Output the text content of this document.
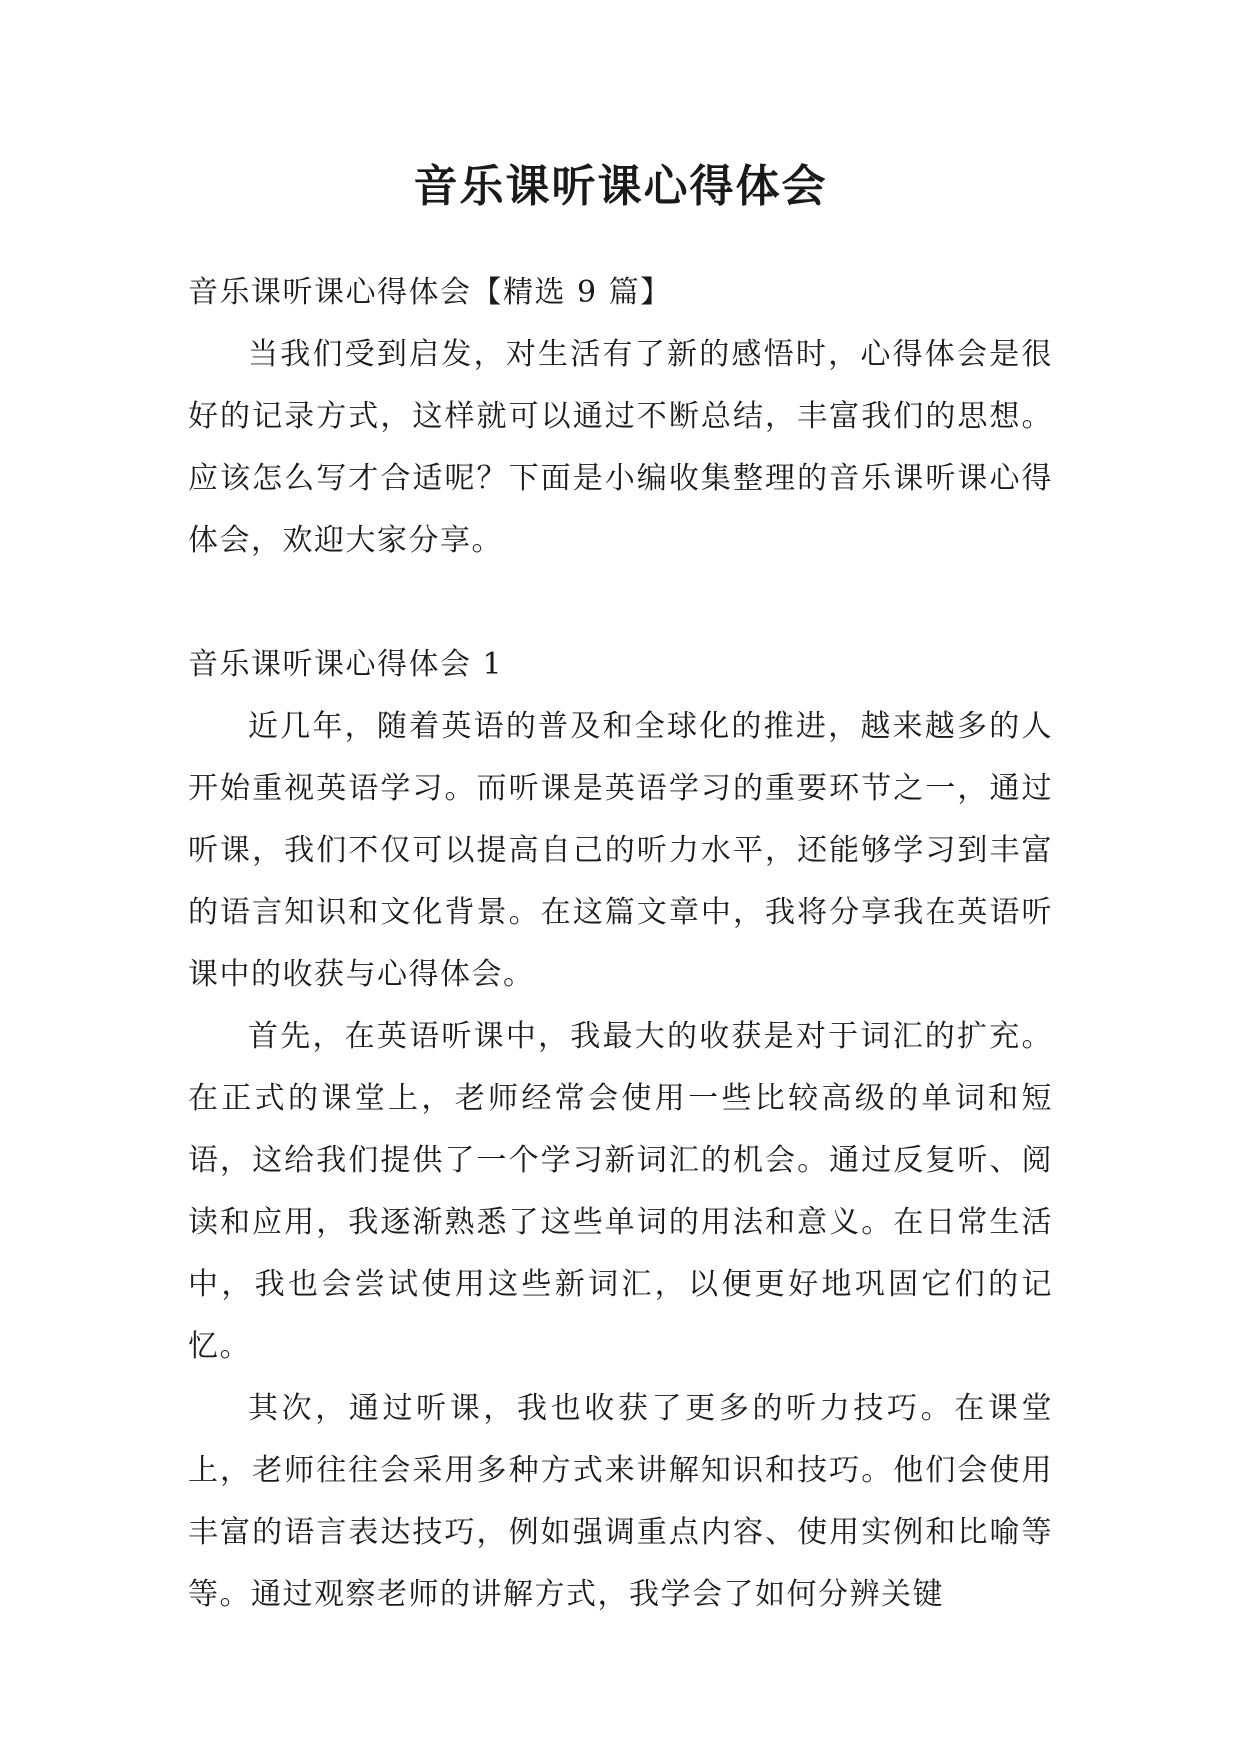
音乐课听课心得体会

音乐课听课心得体会【精选 9 篇】

当我们受到启发，对生活有了新的感悟时，心得体会是很好的记录方式，这样就可以通过不断总结，丰富我们的思想。应该怎么写才合适呢？下面是小编收集整理的音乐课听课心得体会，欢迎大家分享。

音乐课听课心得体会 1

近几年，随着英语的普及和全球化的推进，越来越多的人开始重视英语学习。而听课是英语学习的重要环节之一，通过听课，我们不仅可以提高自己的听力水平，还能够学习到丰富的语言知识和文化背景。在这篇文章中，我将分享我在英语听课中的收获与心得体会。

首先，在英语听课中，我最大的收获是对于词汇的扩充。在正式的课堂上，老师经常会使用一些比较高级的单词和短语，这给我们提供了一个学习新词汇的机会。通过反复听、阅读和应用，我逐渐熟悉了这些单词的用法和意义。在日常生活中，我也会尝试使用这些新词汇，以便更好地巩固它们的记忆。

其次，通过听课，我也收获了更多的听力技巧。在课堂上，老师往往会采用多种方式来讲解知识和技巧。他们会使用丰富的语言表达技巧，例如强调重点内容、使用实例和比喻等等。通过观察老师的讲解方式，我学会了如何分辨关键
